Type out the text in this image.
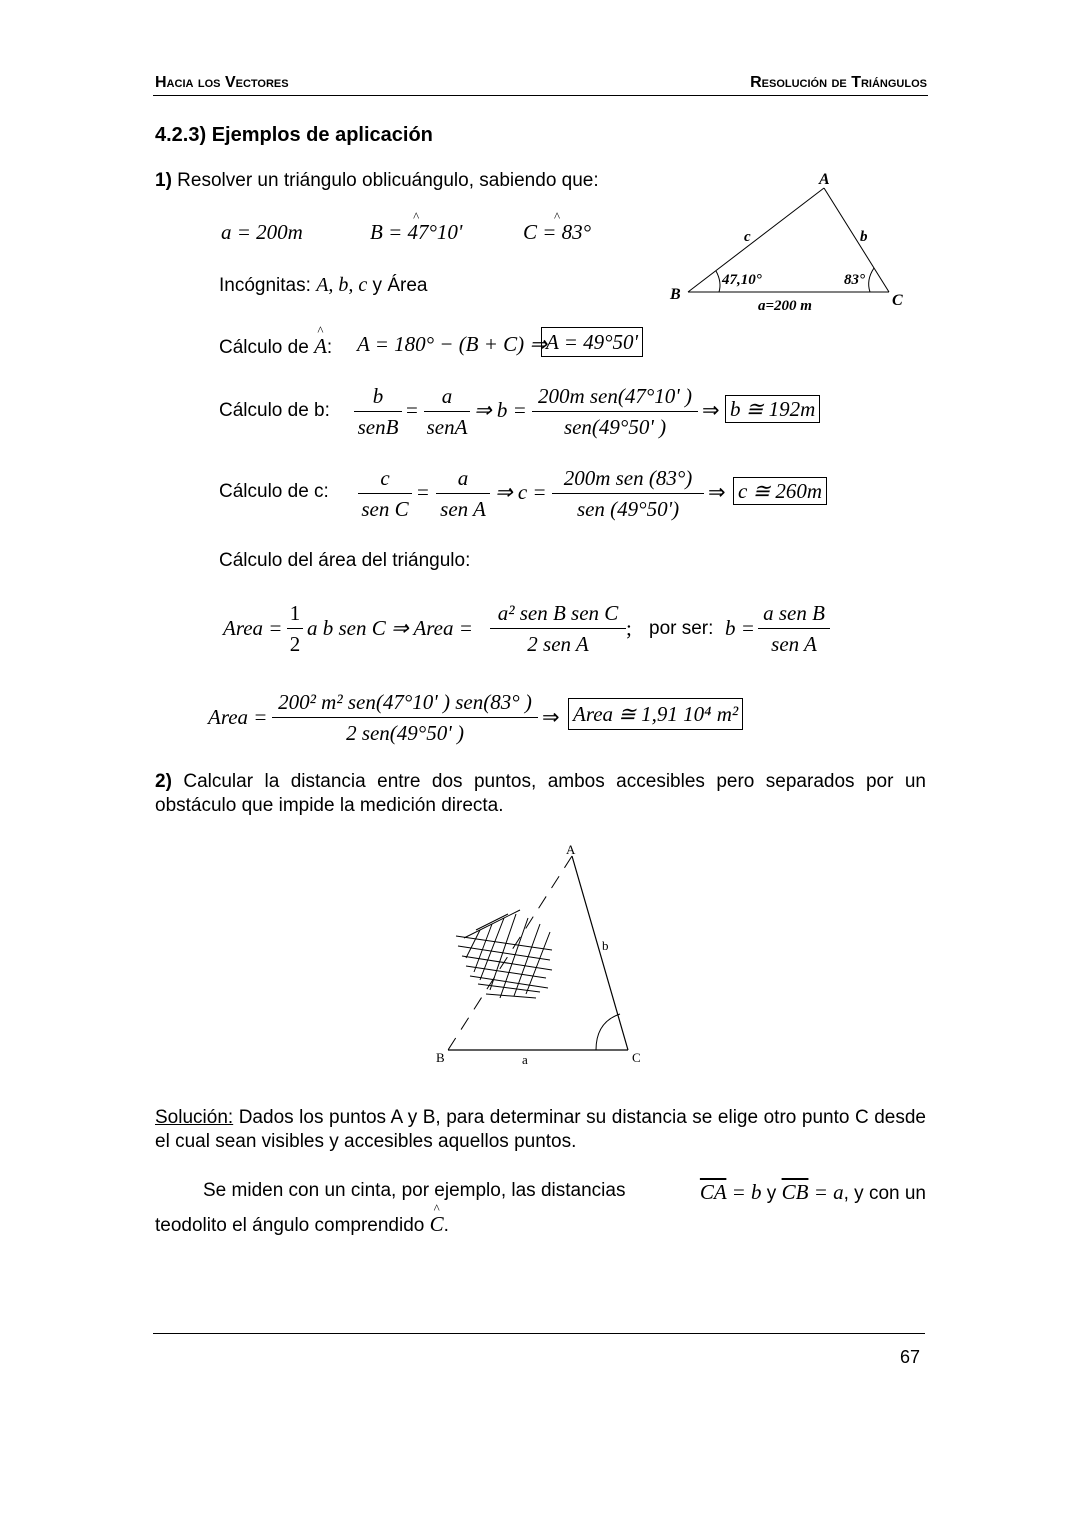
Hacia los Vectores	Resolución de Triángulos
4.2.3) Ejemplos de aplicación
1) Resolver un triángulo oblicuángulo, sabiendo que:
a = 200m	^ B = 47°10'	^ C = 83°
Incógnitas: A, b, c y Área
A
B	C
c	b
47,10°	83°
a=200 m
Cálculo de ^ A: A = 180° − (B + C) ⇒
A = 49°50'
Cálculo de b:
b
senB
=
a
senA
⇒ b =
200m sen(47°10' )
sen(49°50' )
⇒ b ≅ 192m
Cálculo de c:
c
sen C
=
a
sen A
⇒ c =
200m sen (83°)
sen (49°50')
⇒ c ≅ 260m
Cálculo del área del triángulo:
Area =
1
2
a b sen C ⇒ Area =
a² sen B sen C
2 sen A
; por ser: b =
a sen B
sen A
Area =
200² m² sen(47°10' ) sen(83° )
2 sen(49°50' )
⇒ Area ≅ 1,91 10⁴ m²
2) Calcular la distancia entre dos puntos, ambos accesibles pero separados por un obstáculo que impide la medición directa.
A
B	C
a
b
Solución: Dados los puntos A y B, para determinar su distancia se elige otro punto C desde el cual sean visibles y accesibles aquellos puntos.
Se miden con un cinta, por ejemplo, las distancias	$\overline{CA} = b$ y $\overline{CB} = a$, y con un
teodolito el ángulo comprendido ^ C.
67
